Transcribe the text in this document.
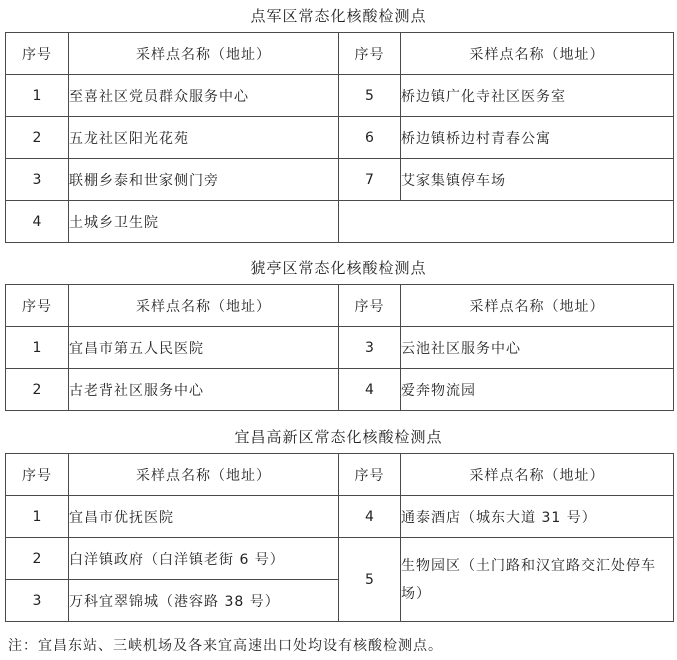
点军区常态化核酸检测点
序号	采样点名称（地址）	序号	采样点名称（地址）
1	至喜社区党员群众服务中心	5	桥边镇广化寺社区医务室
2	五龙社区阳光花苑	6	桥边镇桥边村青春公寓
3	联棚乡泰和世家侧门旁	7	艾家集镇停车场
4	土城乡卫生院		
猇亭区常态化核酸检测点
序号	采样点名称（地址）	序号	采样点名称（地址）
1	宜昌市第五人民医院	3	云池社区服务中心
2	古老背社区服务中心	4	爱奔物流园
宜昌高新区常态化核酸检测点
序号	采样点名称（地址）	序号	采样点名称（地址）
1	宜昌市优抚医院	4	通泰酒店（城东大道 31 号）
2	白洋镇政府（白洋镇老街 6 号）	5	生物园区（土门路和汉宜路交汇处停车场）
3	万科宜翠锦城（港容路 38 号）		
注：宜昌东站、三峡机场及各来宜高速出口处均设有核酸检测点。
